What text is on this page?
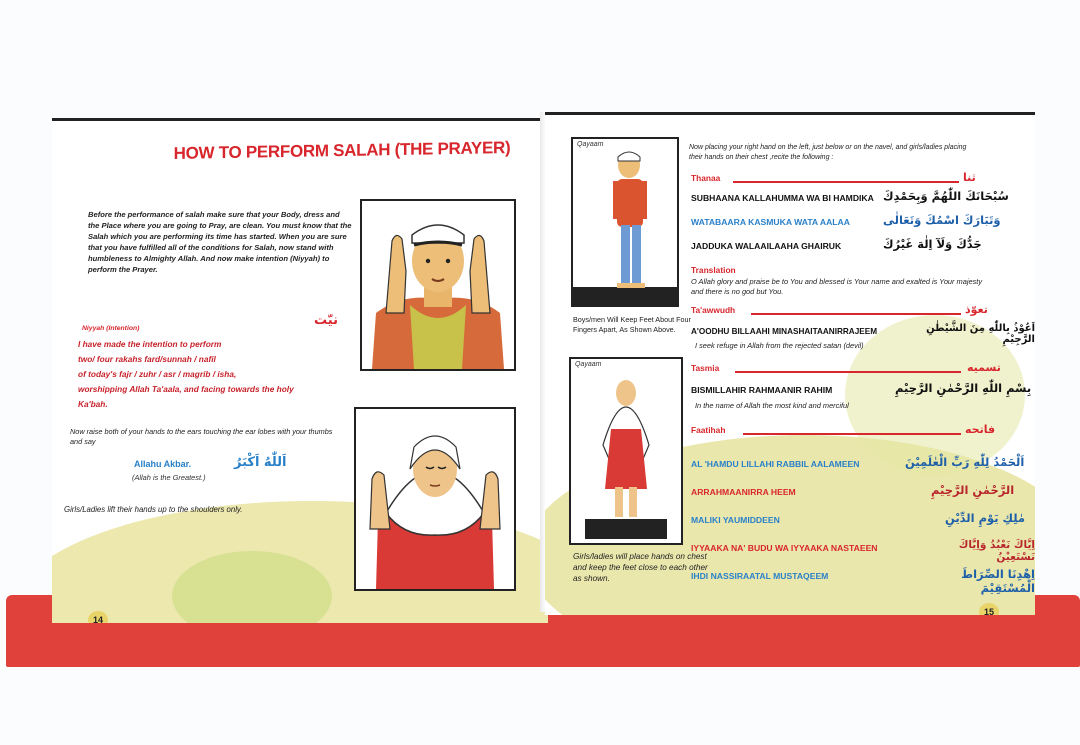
HOW TO PERFORM SALAH (THE PRAYER)
Before the performance of salah make sure that your Body, dress and the Place where you are going to Pray, are clean. You must know that the Salah which you are performing its time has started. When you are sure that you have fulfilled all of the conditions for Salah, now stand with humbleness to Almighty Allah. And now make intention (Niyyah) to perform the Prayer.
نيّت
Niyyah (Intention)
I have made the intention to perform
two/ four rakahs fard/sunnah / nafil
of today's fajr / zuhr / asr / magrib / isha,
worshipping Allah Ta'aala, and facing towards the holy
Ka'bah.
Now raise both of your hands to the ears touching the ear lobes with your thumbs and say
Allahu Akbar.	اَللّٰهُ اَكْبَرُ
(Allah is the Greatest.)
Girls/Ladies lift their hands up to the shoulders only.
14
Qayaam
Boys/men Will Keep Feet About Four Fingers Apart, As Shown Above.
Qayaam
Girls/ladies will place hands on chest and keep the feet close to each other as shown.
Now placing your right hand on the left, just below or on the navel, and girls/ladies placing their hands on their chest ,recite the following :
Thanaa	ثنا
SUBHAANA KALLAHUMMA WA BI HAMDIKA سُبْحَانَكَ اللّٰهُمَّ وَبِحَمْدِكَ
WATABAARA KASMUKA WATA AALAA	وَتَبَارَكَ اسْمُكَ وَتَعَالٰى
JADDUKA WALAAILAAHA GHAIRUK	جَدُّكَ وَلَآ اِلٰهَ غَيْرُكَ
Translation
O Allah glory and praise be to You and blessed is Your name and exalted is Your majesty and there is no god but You.
Ta'awwudh	تعوّذ
A'OODHU BILLAAHI MINASHAITAANIRRAJEEM	اَعُوْذُ بِاللّٰهِ مِنَ الشَّيْطٰنِ الرَّجِيْمِ
I seek refuge in Allah from the rejected satan (devil)
Tasmia	تسميه
BISMILLAHIR RAHMAANIR RAHIM	بِسْمِ اللّٰهِ الرَّحْمٰنِ الرَّحِيْمِ
In the name of Allah the most kind and merciful
Faatihah	فاتحه
AL 'HAMDU LILLAHI RABBIL AALAMEEN	اَلْحَمْدُ لِلّٰهِ رَبِّ الْعٰلَمِيْنَ
ARRAHMAANIRRA HEEM	الرَّحْمٰنِ الرَّحِيْمِ
MALIKI YAUMIDDEEN	مٰلِكِ يَوْمِ الدِّيْنِ
IYYAAKA NA' BUDU WA IYYAAKA NASTAEEN	اِيَّاكَ نَعْبُدُ وَاِيَّاكَ نَسْتَعِيْنُ
IHDI NASSIRAATAL MUSTAQEEM	اِهْدِنَا الصِّرَاطَ الْمُسْتَقِيْمَ
15
